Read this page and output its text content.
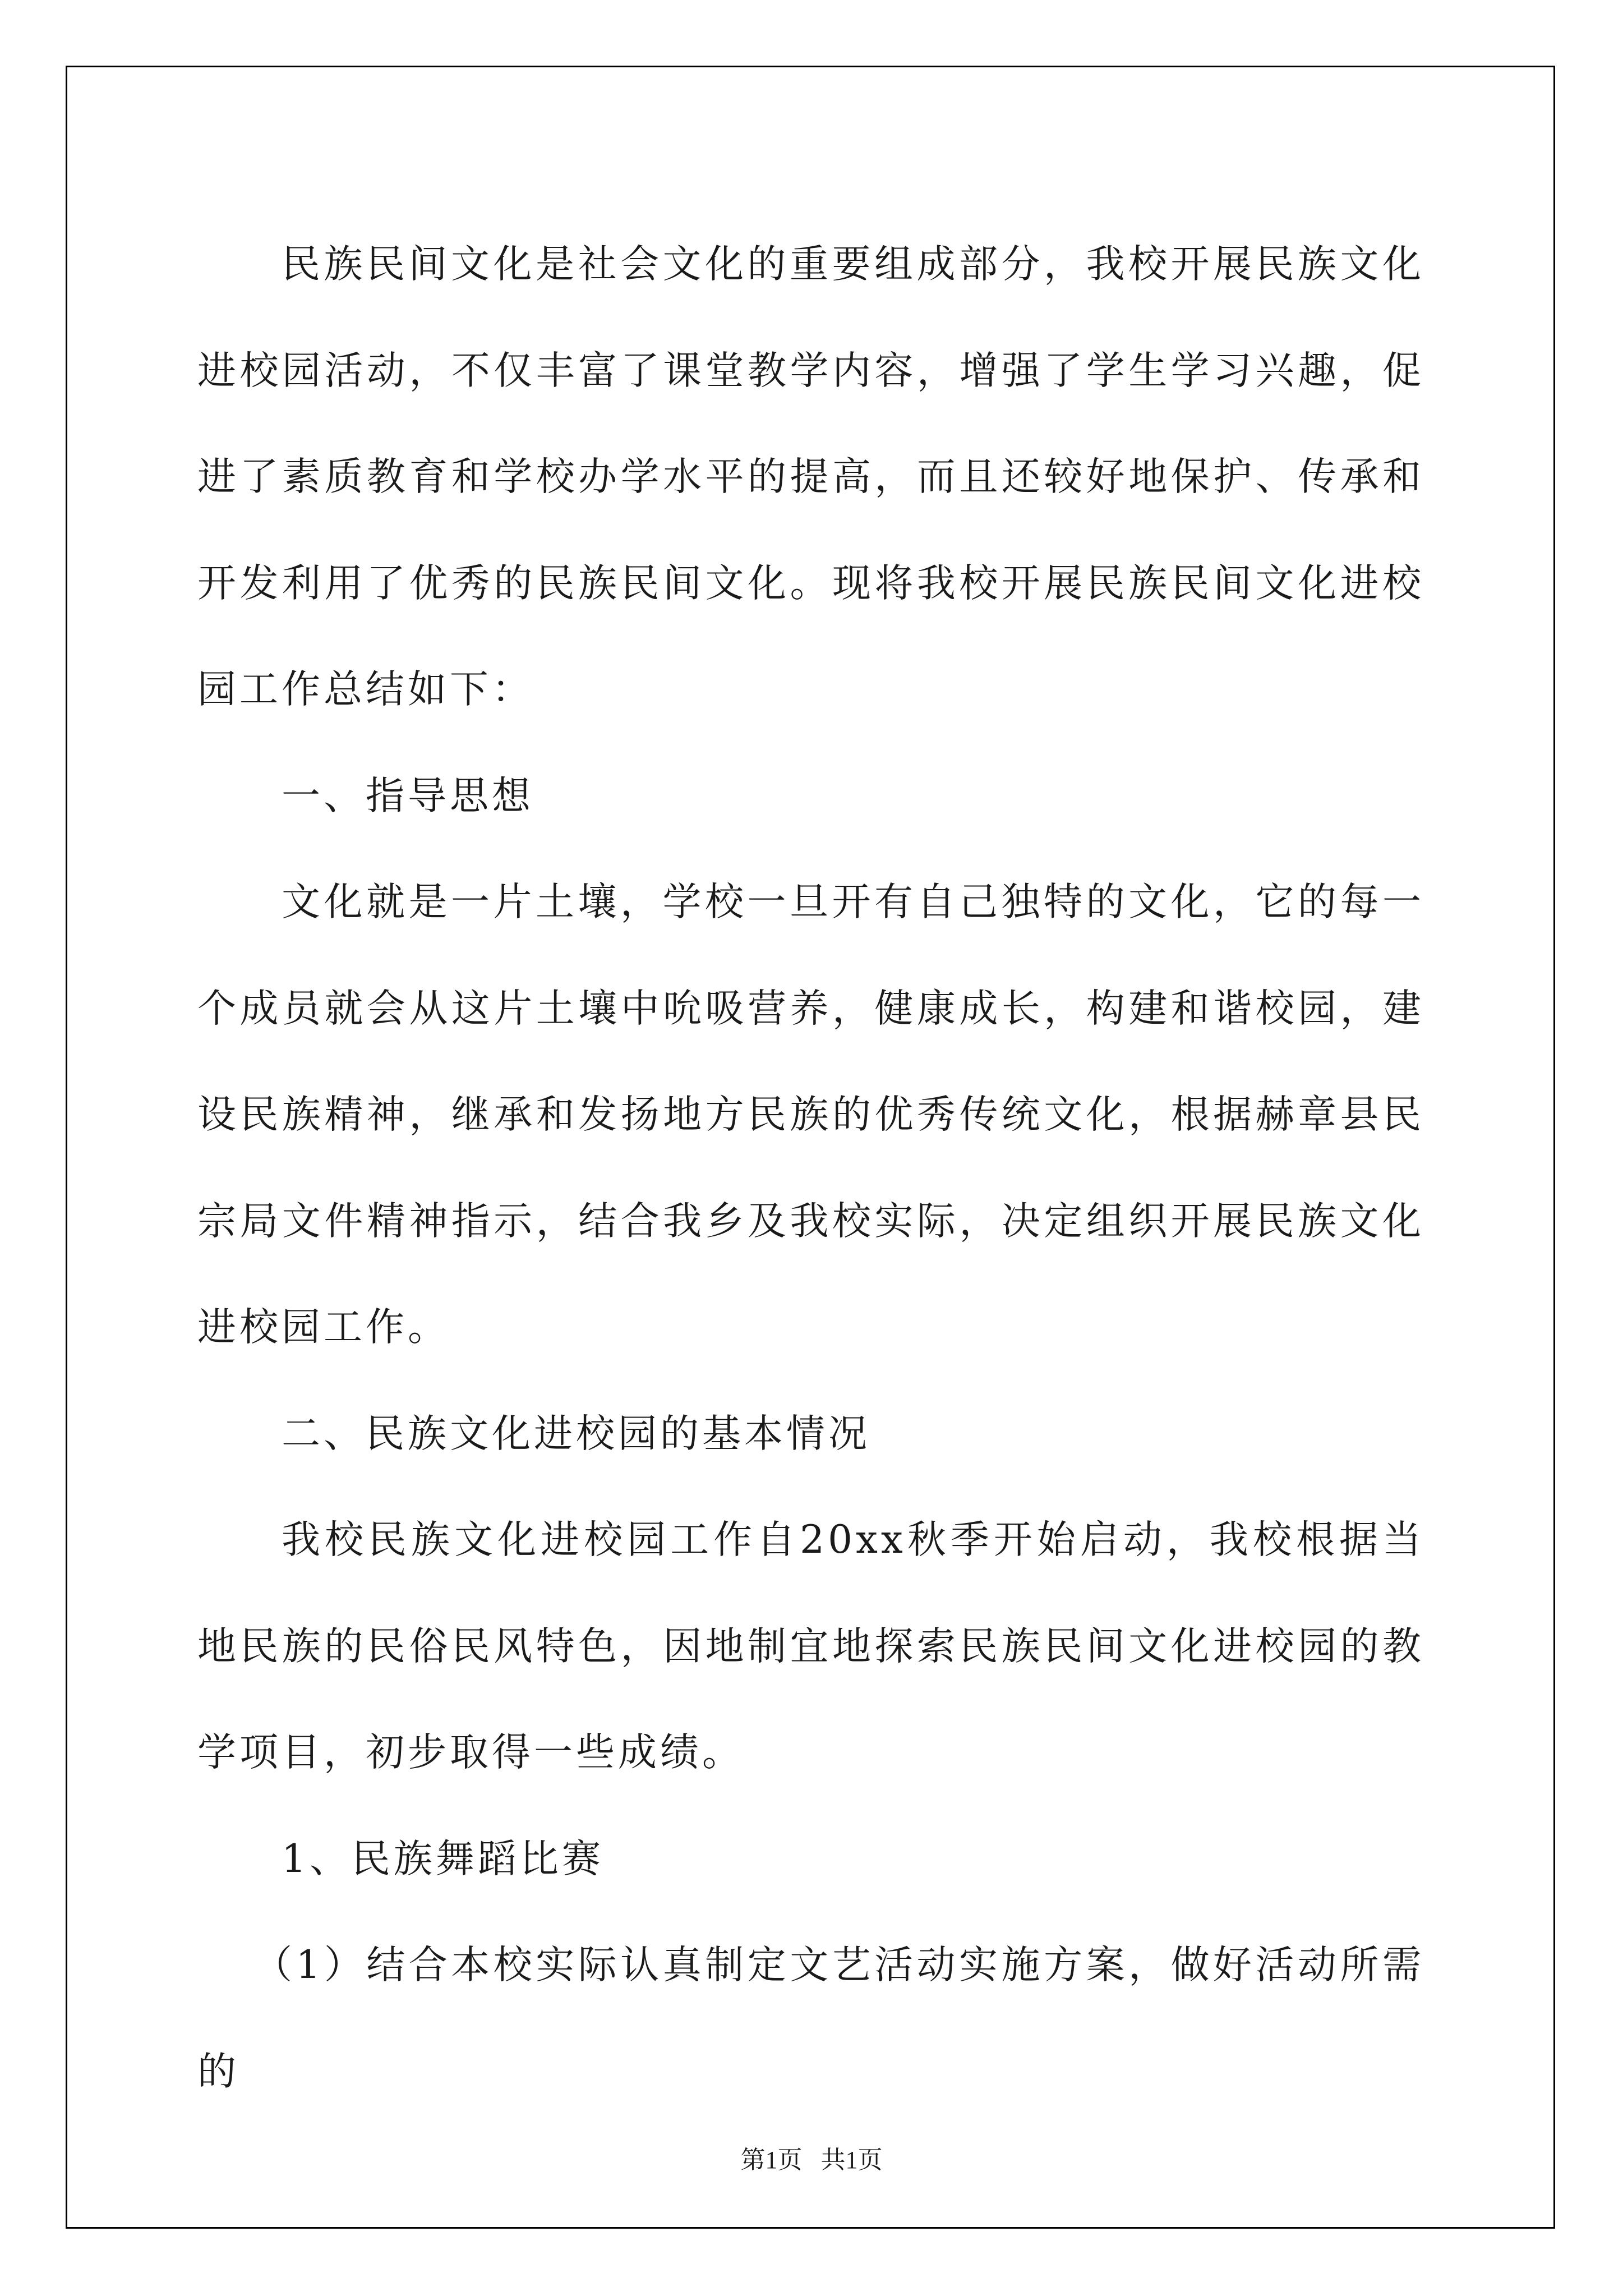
民族民间文化是社会文化的重要组成部分，我校开展民族文化进校园活动，不仅丰富了课堂教学内容，增强了学生学习兴趣，促进了素质教育和学校办学水平的提高，而且还较好地保护、传承和开发利用了优秀的民族民间文化。现将我校开展民族民间文化进校园工作总结如下：

一、指导思想

文化就是一片土壤，学校一旦开有自己独特的文化，它的每一个成员就会从这片土壤中吮吸营养，健康成长，构建和谐校园，建设民族精神，继承和发扬地方民族的优秀传统文化，根据赫章县民宗局文件精神指示，结合我乡及我校实际，决定组织开展民族文化进校园工作。

二、民族文化进校园的基本情况

我校民族文化进校园工作自20xx秋季开始启动，我校根据当地民族的民俗民风特色，因地制宜地探索民族民间文化进校园的教学项目，初步取得一些成绩。

1、民族舞蹈比赛

（1）结合本校实际认真制定文艺活动实施方案，做好活动所需的

第1页   共1页
